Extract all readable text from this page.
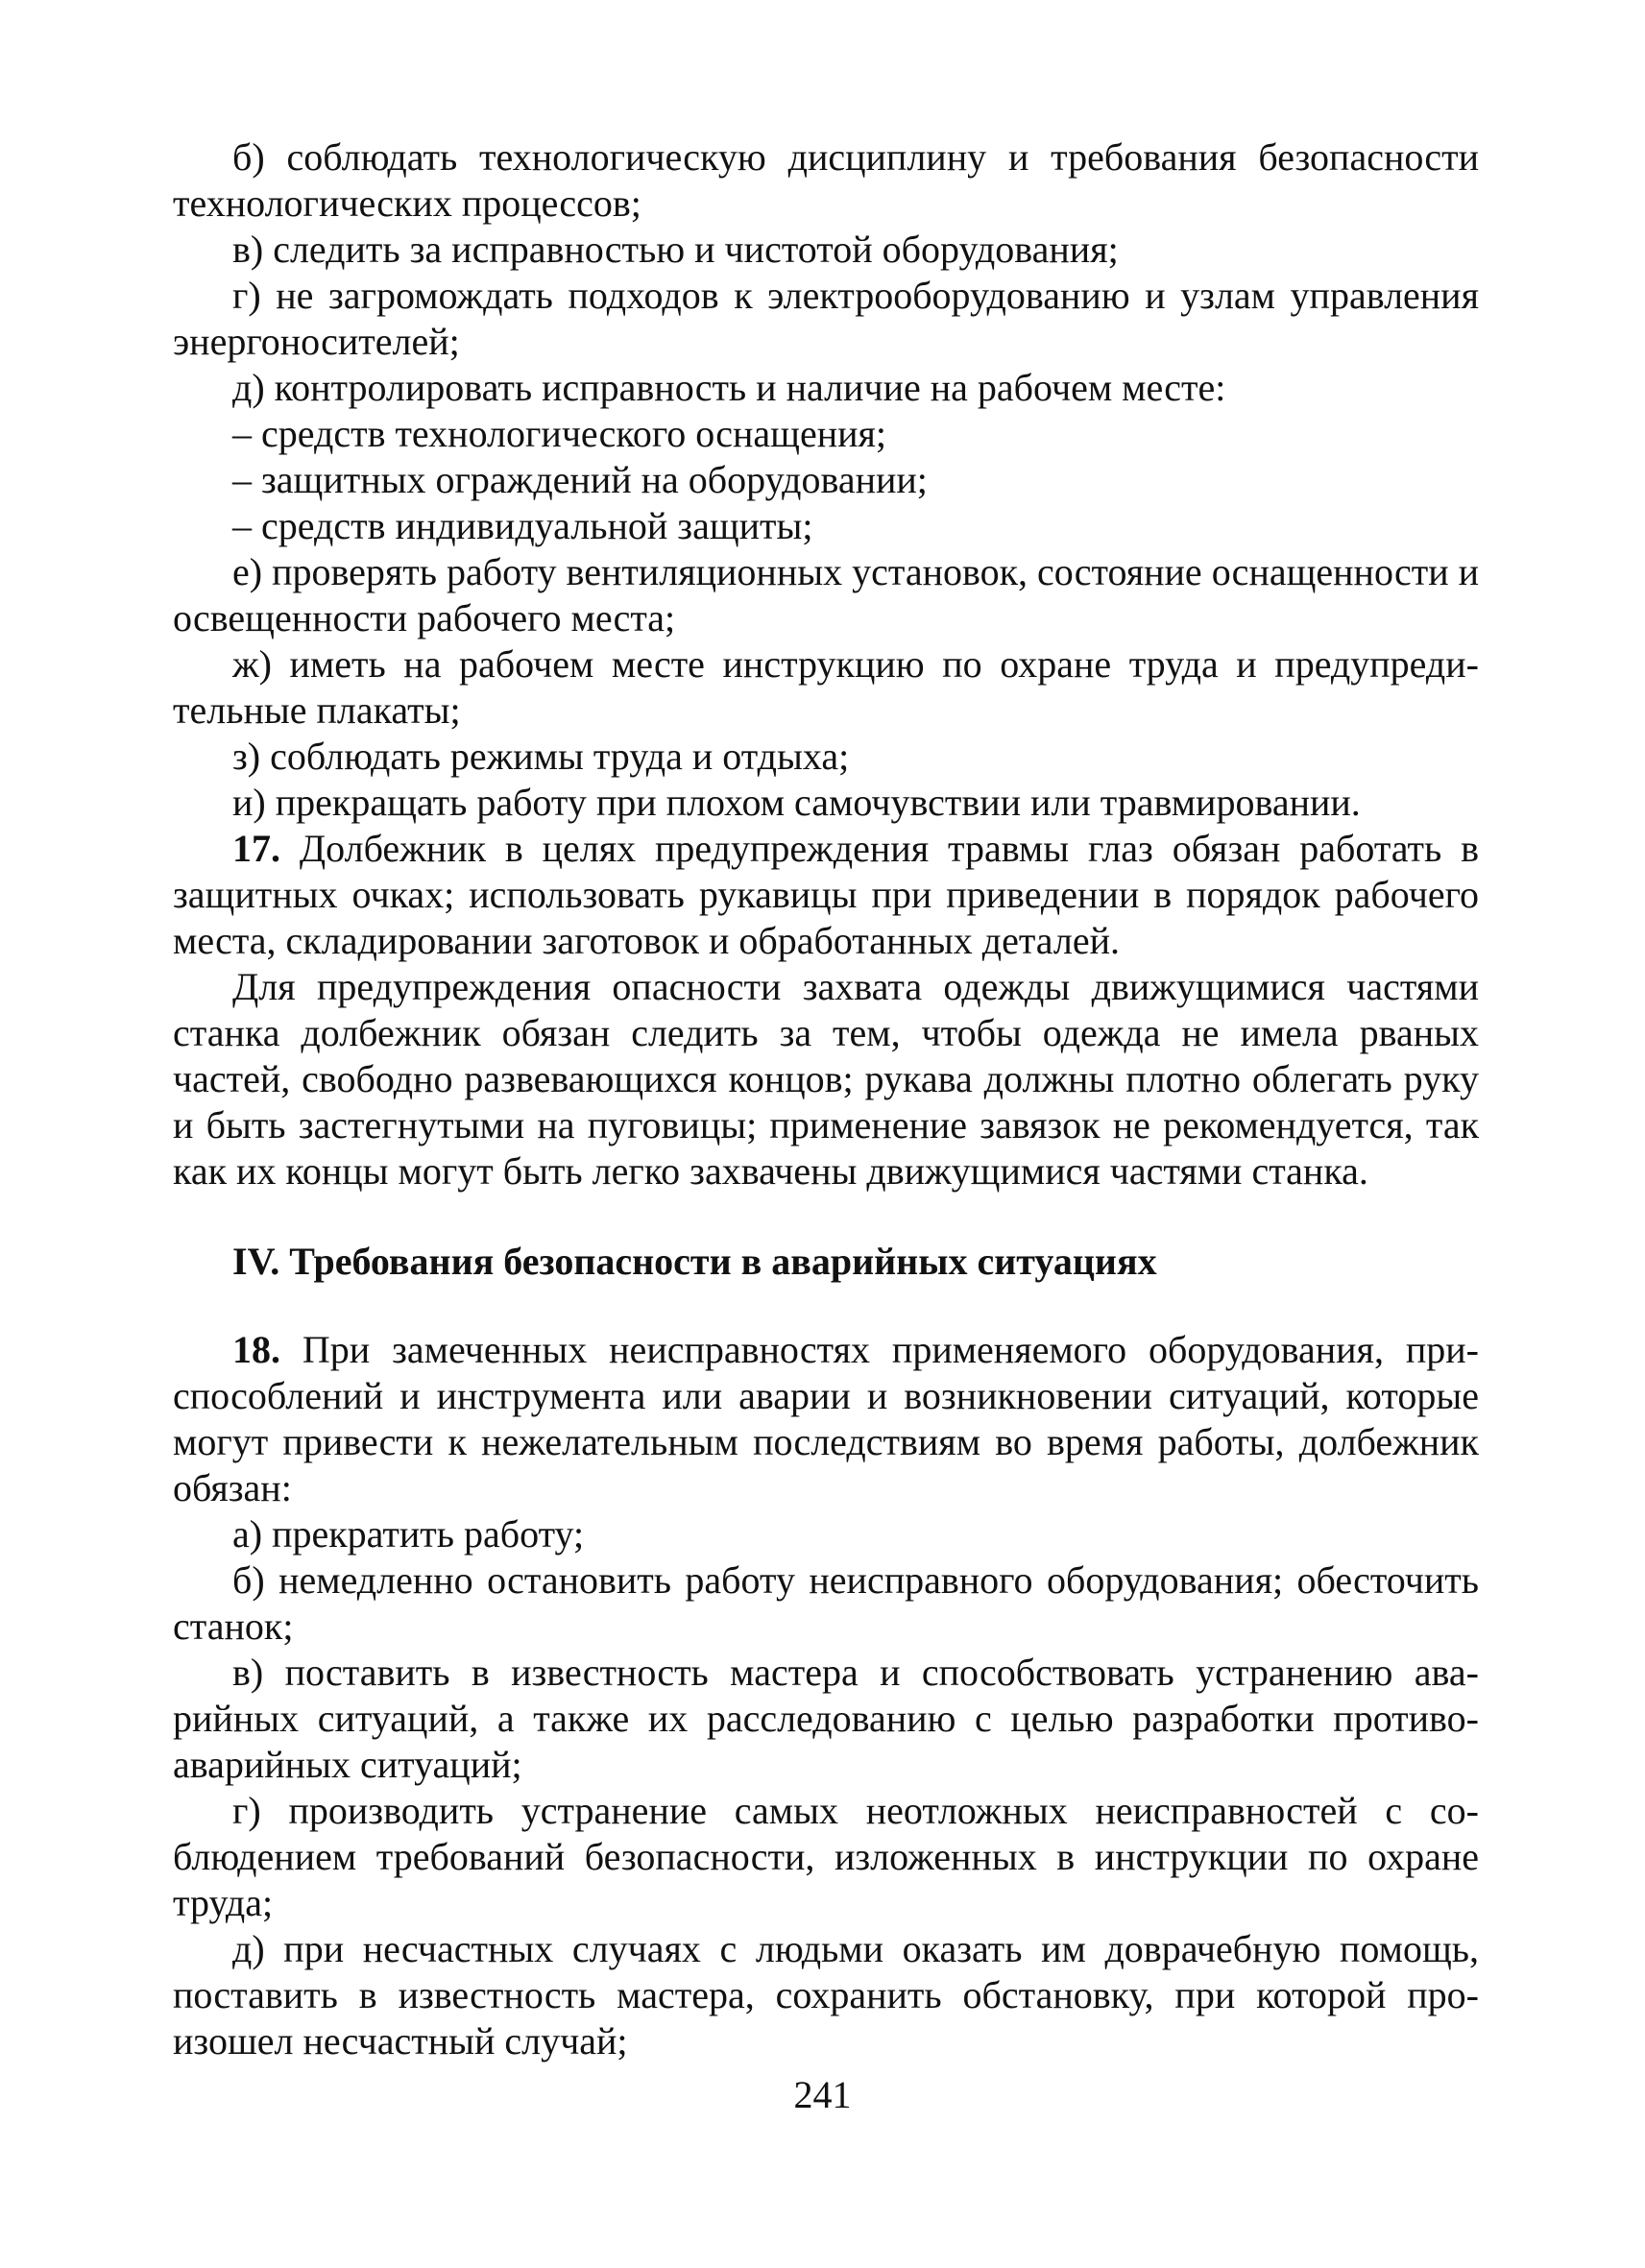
б) соблюдать технологическую дисциплину и требования безопасности технологических процессов;

в) следить за исправностью и чистотой оборудования;

г) не загромождать подходов к электрооборудованию и узлам управления энергоносителей;

д) контролировать исправность и наличие на рабочем месте:

– средств технологического оснащения;

– защитных ограждений на оборудовании;

– средств индивидуальной защиты;

е) проверять работу вентиляционных установок, состояние оснащенности и освещенности рабочего места;

ж) иметь на рабочем месте инструкцию по охране труда и предупредительные плакаты;

з) соблюдать режимы труда и отдыха;

и) прекращать работу при плохом самочувствии или травмировании.

17. Долбежник в целях предупреждения травмы глаз обязан работать в защитных очках; использовать рукавицы при приведении в порядок рабочего места, складировании заготовок и обработанных деталей.

Для предупреждения опасности захвата одежды движущимися частями станка долбежник обязан следить за тем, чтобы одежда не имела рваных частей, свободно развевающихся концов; рукава должны плотно облегать руку и быть застегнутыми на пуговицы; применение завязок не рекомендуется, так как их концы могут быть легко захвачены движущимися частями станка.

IV. Требования безопасности в аварийных ситуациях

18. При замеченных неисправностях применяемого оборудования, приспособлений и инструмента или аварии и возникновении ситуаций, которые могут привести к нежелательным последствиям во время работы, долбежник обязан:

а) прекратить работу;

б) немедленно остановить работу неисправного оборудования; обесточить станок;

в) поставить в известность мастера и способствовать устранению аварийных ситуаций, а также их расследованию с целью разработки противоаварийных ситуаций;

г) производить устранение самых неотложных неисправностей с соблюдением требований безопасности, изложенных в инструкции по охране труда;

д) при несчастных случаях с людьми оказать им доврачебную помощь, поставить в известность мастера, сохранить обстановку, при которой произошел несчастный случай;

241
